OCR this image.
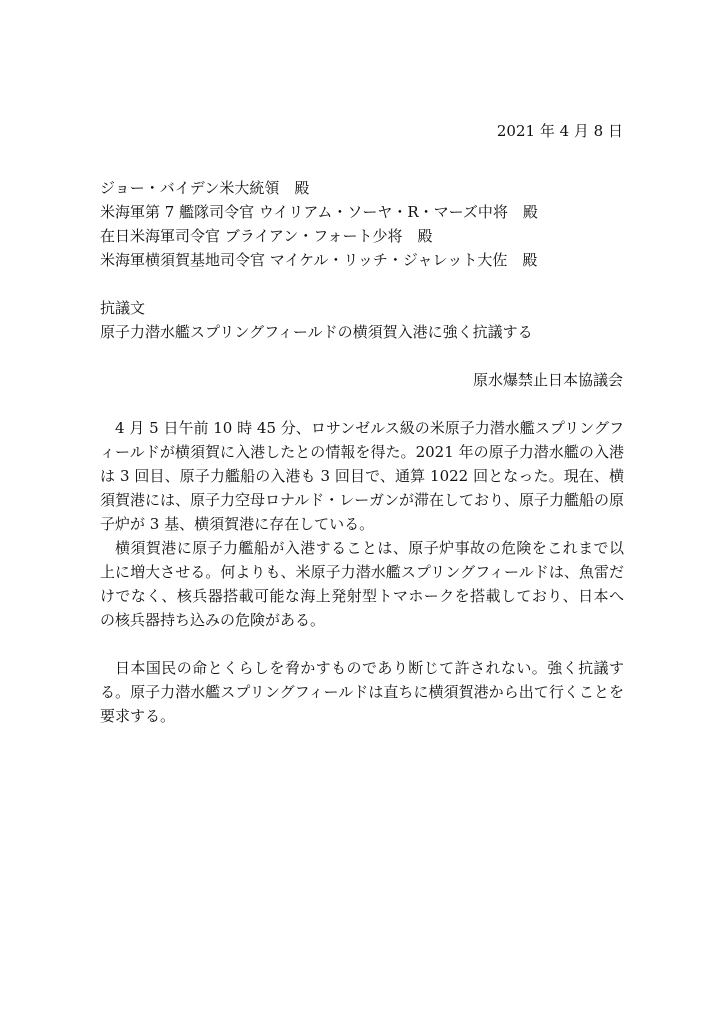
2021 年 4 月 8 日
ジョー・バイデン米大統領　殿
米海軍第 7 艦隊司令官 ウイリアム・ソーヤ・R・マーズ中将　殿
在日米海軍司令官 ブライアン・フォート少将　殿
米海軍横須賀基地司令官 マイケル・リッチ・ジャレット大佐　殿
抗議文
原子力潜水艦スプリングフィールドの横須賀入港に強く抗議する
原水爆禁止日本協議会

4 月 5 日午前 10 時 45 分、ロサンゼルス級の米原子力潜水艦スプリングフィールドが横須賀に入港したとの情報を得た。2021 年の原子力潜水艦の入港は 3 回目、原子力艦船の入港も 3 回目で、通算 1022 回となった。現在、横須賀港には、原子力空母ロナルド・レーガンが滞在しており、原子力艦船の原子炉が 3 基、横須賀港に存在している。

横須賀港に原子力艦船が入港することは、原子炉事故の危険をこれまで以上に増大させる。何よりも、米原子力潜水艦スプリングフィールドは、魚雷だけでなく、核兵器搭載可能な海上発射型トマホークを搭載しており、日本への核兵器持ち込みの危険がある。

日本国民の命とくらしを脅かすものであり断じて許されない。強く抗議する。原子力潜水艦スプリングフィールドは直ちに横須賀港から出て行くことを要求する。
